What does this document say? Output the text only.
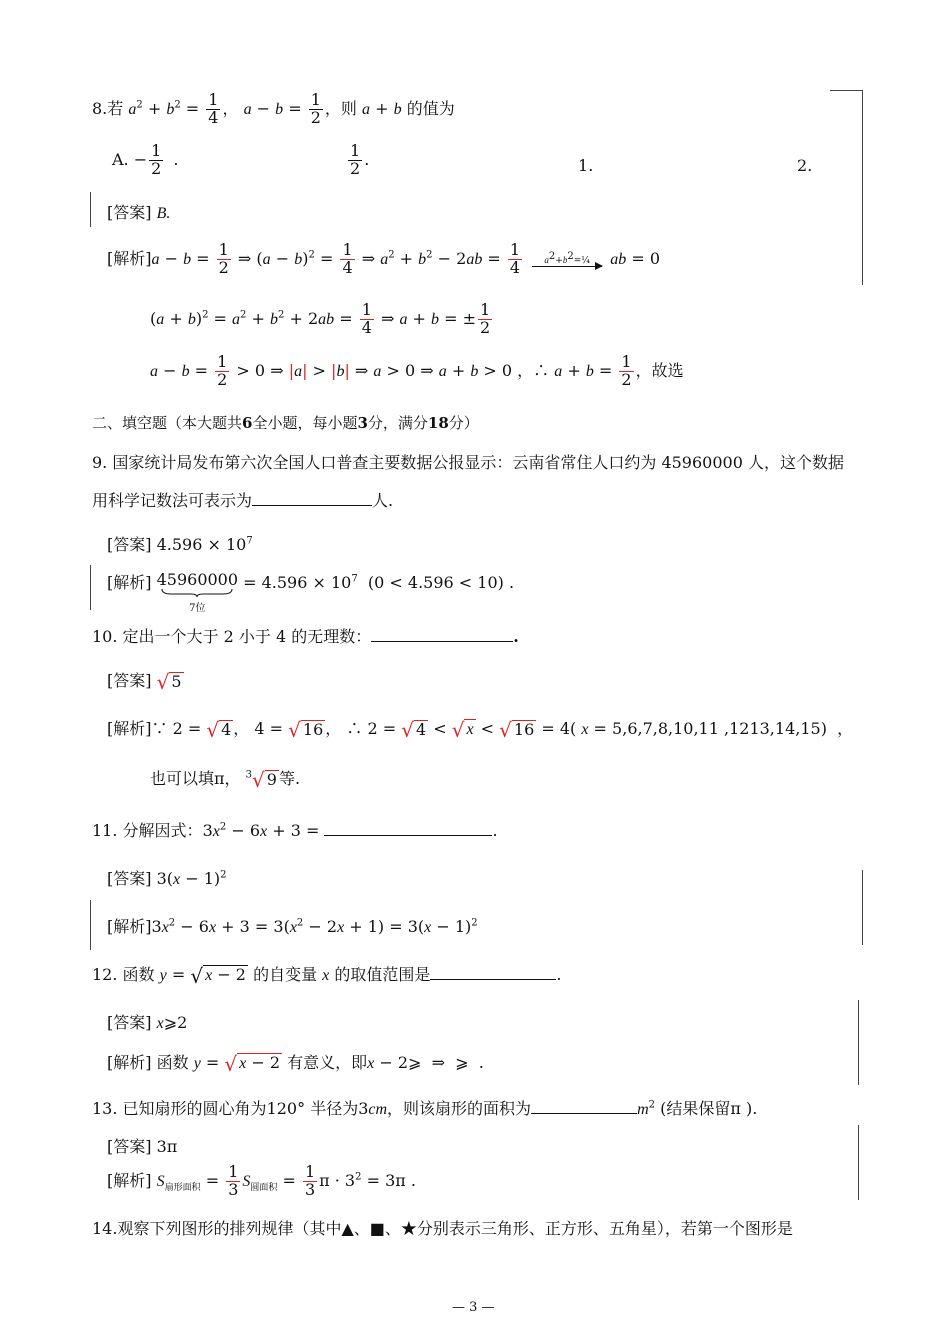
8.若 $a^2 + b^2 = \frac{1}{4}$ ， $a - b = \frac{1}{2}$ ，则 a + b 的值为
A. − $\frac{1}{2}$ .	$\frac{1}{2}$ .	1.	2.
[答案] B.
[解析]$a - b = \frac{1}{2}$ ⇒ $(a - b)^2 = \frac{1}{4}$ ⇒ $a^2 + b^2 - 2ab = \frac{1}{4}$
$a^2+b^2=\frac{1}{4}$ ab = 0
$(a + b)^2 = a^2 + b^2 + 2ab = \frac{1}{4}$ ⇒ a + b = ± $\frac{1}{2}$
$a - b = \frac{1}{2} > 0$ ⇒ |a| > |b| ⇒ a > 0 ⇒ a + b > 0 ，∴ $a + b = \frac{1}{2}$ ，故选
二、填空题（本大题共6全小题，每小题3分，满分18分）
9. 国家统计局发布第六次全国人口普查主要数据公报显示：云南省常住人口约为 45960000 人，这个数据
用科学记数法可表示为	人.
[答案] $4.596 \times 10^7$
[解析] 45960000
7位
= $4.596 \times 10^7$  (0 < 4.596 < 10) .
10. 定出一个大于 2 小于 4 的无理数：	.
[答案] √ 5
[解析]∵ 2 = √ 4 ， 4 = √ 16 ， ∴ 2 = √ 4 < √ x < √ 16 = 4( x = 5,6,7,8,10,11 ,1213,14,15)  ，
也可以填π， $^3$ √ 9 等.
11. 分解因式：$3x^2 - 6x + 3$ =	.
[答案] $3(x - 1)^2$
[解析]$3x^2 - 6x + 3 = 3(x^2 - 2x + 1) = 3(x - 1)^2$
12. 函数 y = √ x − 2 的自变量 x 的取值范围是	.
[答案] x⩾2
[解析] 函数 y = √ x − 2 有意义，即x − 2⩾  ⇒  ⩾  .
13. 已知扇形的圆心角为120° 半径为3cm，则该扇形的面积为	$m^2$ (结果保留π ).
[答案] 3π
[解析] $S_{扇形面积} = \frac{1}{3} S_{圆面积} = \frac{1}{3}$ $\pi \cdot 3^2 = 3\pi$ .
14.观察下列图形的排列规律（其中▲、■、★分别表示三角形、正方形、五角星），若第一个图形是
— 3 —
